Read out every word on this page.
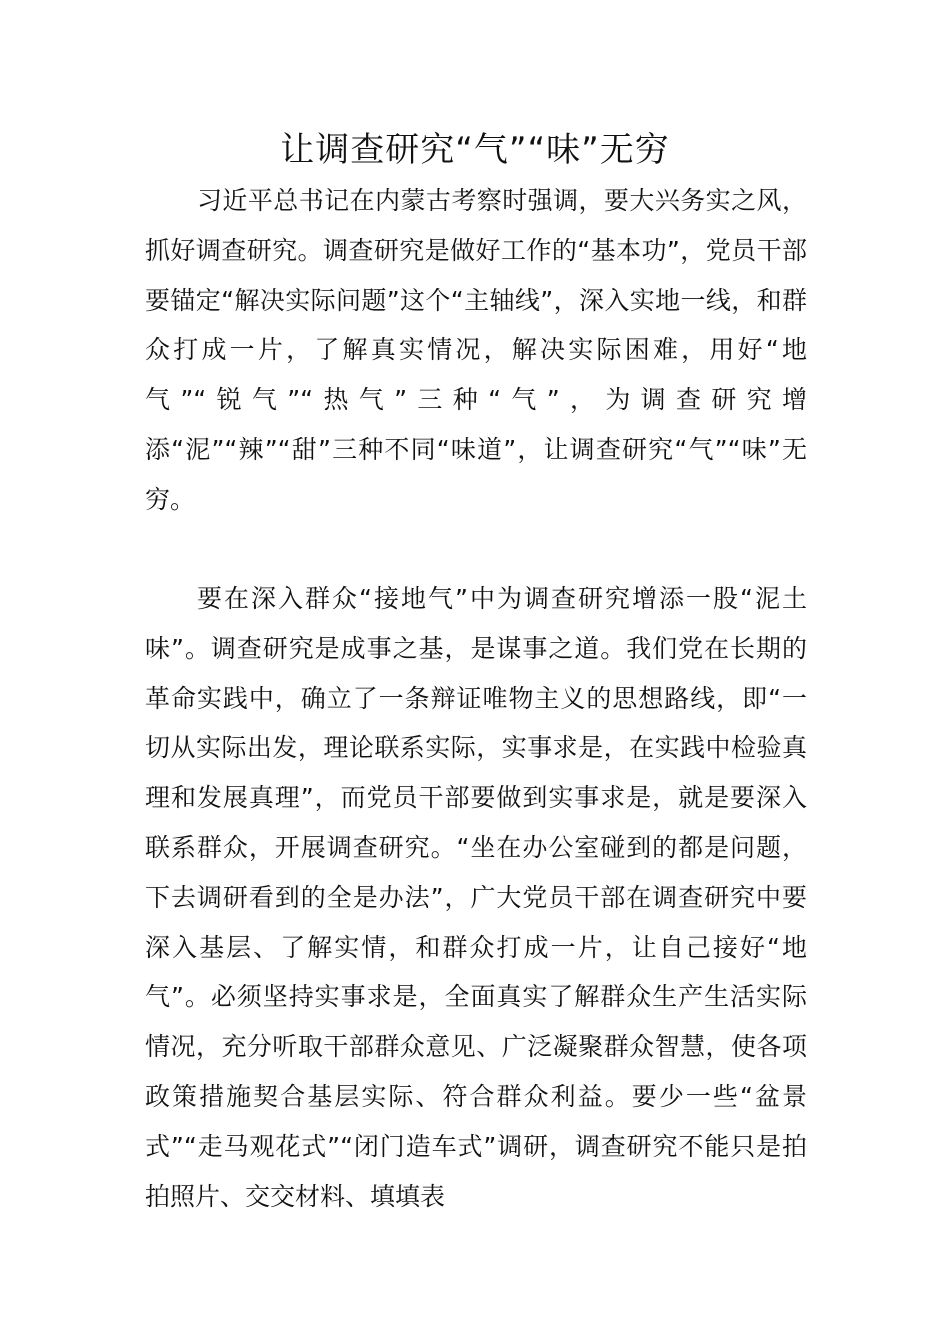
让调查研究“气”“味”无穷

习近平总书记在内蒙古考察时强调，要大兴务实之风，抓好调查研究。调查研究是做好工作的“基本功”，党员干部要锚定“解决实际问题”这个“主轴线”，深入实地一线，和群众打成一片，了解真实情况，解决实际困难，用好“地气”“锐气”“热气”三种“气”，为调查研究增添“泥”“辣”“甜”三种不同“味道”，让调查研究“气”“味”无穷。

要在深入群众“接地气”中为调查研究增添一股“泥土味”。调查研究是成事之基，是谋事之道。我们党在长期的革命实践中，确立了一条辩证唯物主义的思想路线，即“一切从实际出发，理论联系实际，实事求是，在实践中检验真理和发展真理”，而党员干部要做到实事求是，就是要深入联系群众，开展调查研究。“坐在办公室碰到的都是问题，下去调研看到的全是办法”，广大党员干部在调查研究中要深入基层、了解实情，和群众打成一片，让自己接好“地气”。必须坚持实事求是，全面真实了解群众生产生活实际情况，充分听取干部群众意见、广泛凝聚群众智慧，使各项政策措施契合基层实际、符合群众利益。要少一些“盆景式”“走马观花式”“闭门造车式”调研，调查研究不能只是拍拍照片、交交材料、填填表
